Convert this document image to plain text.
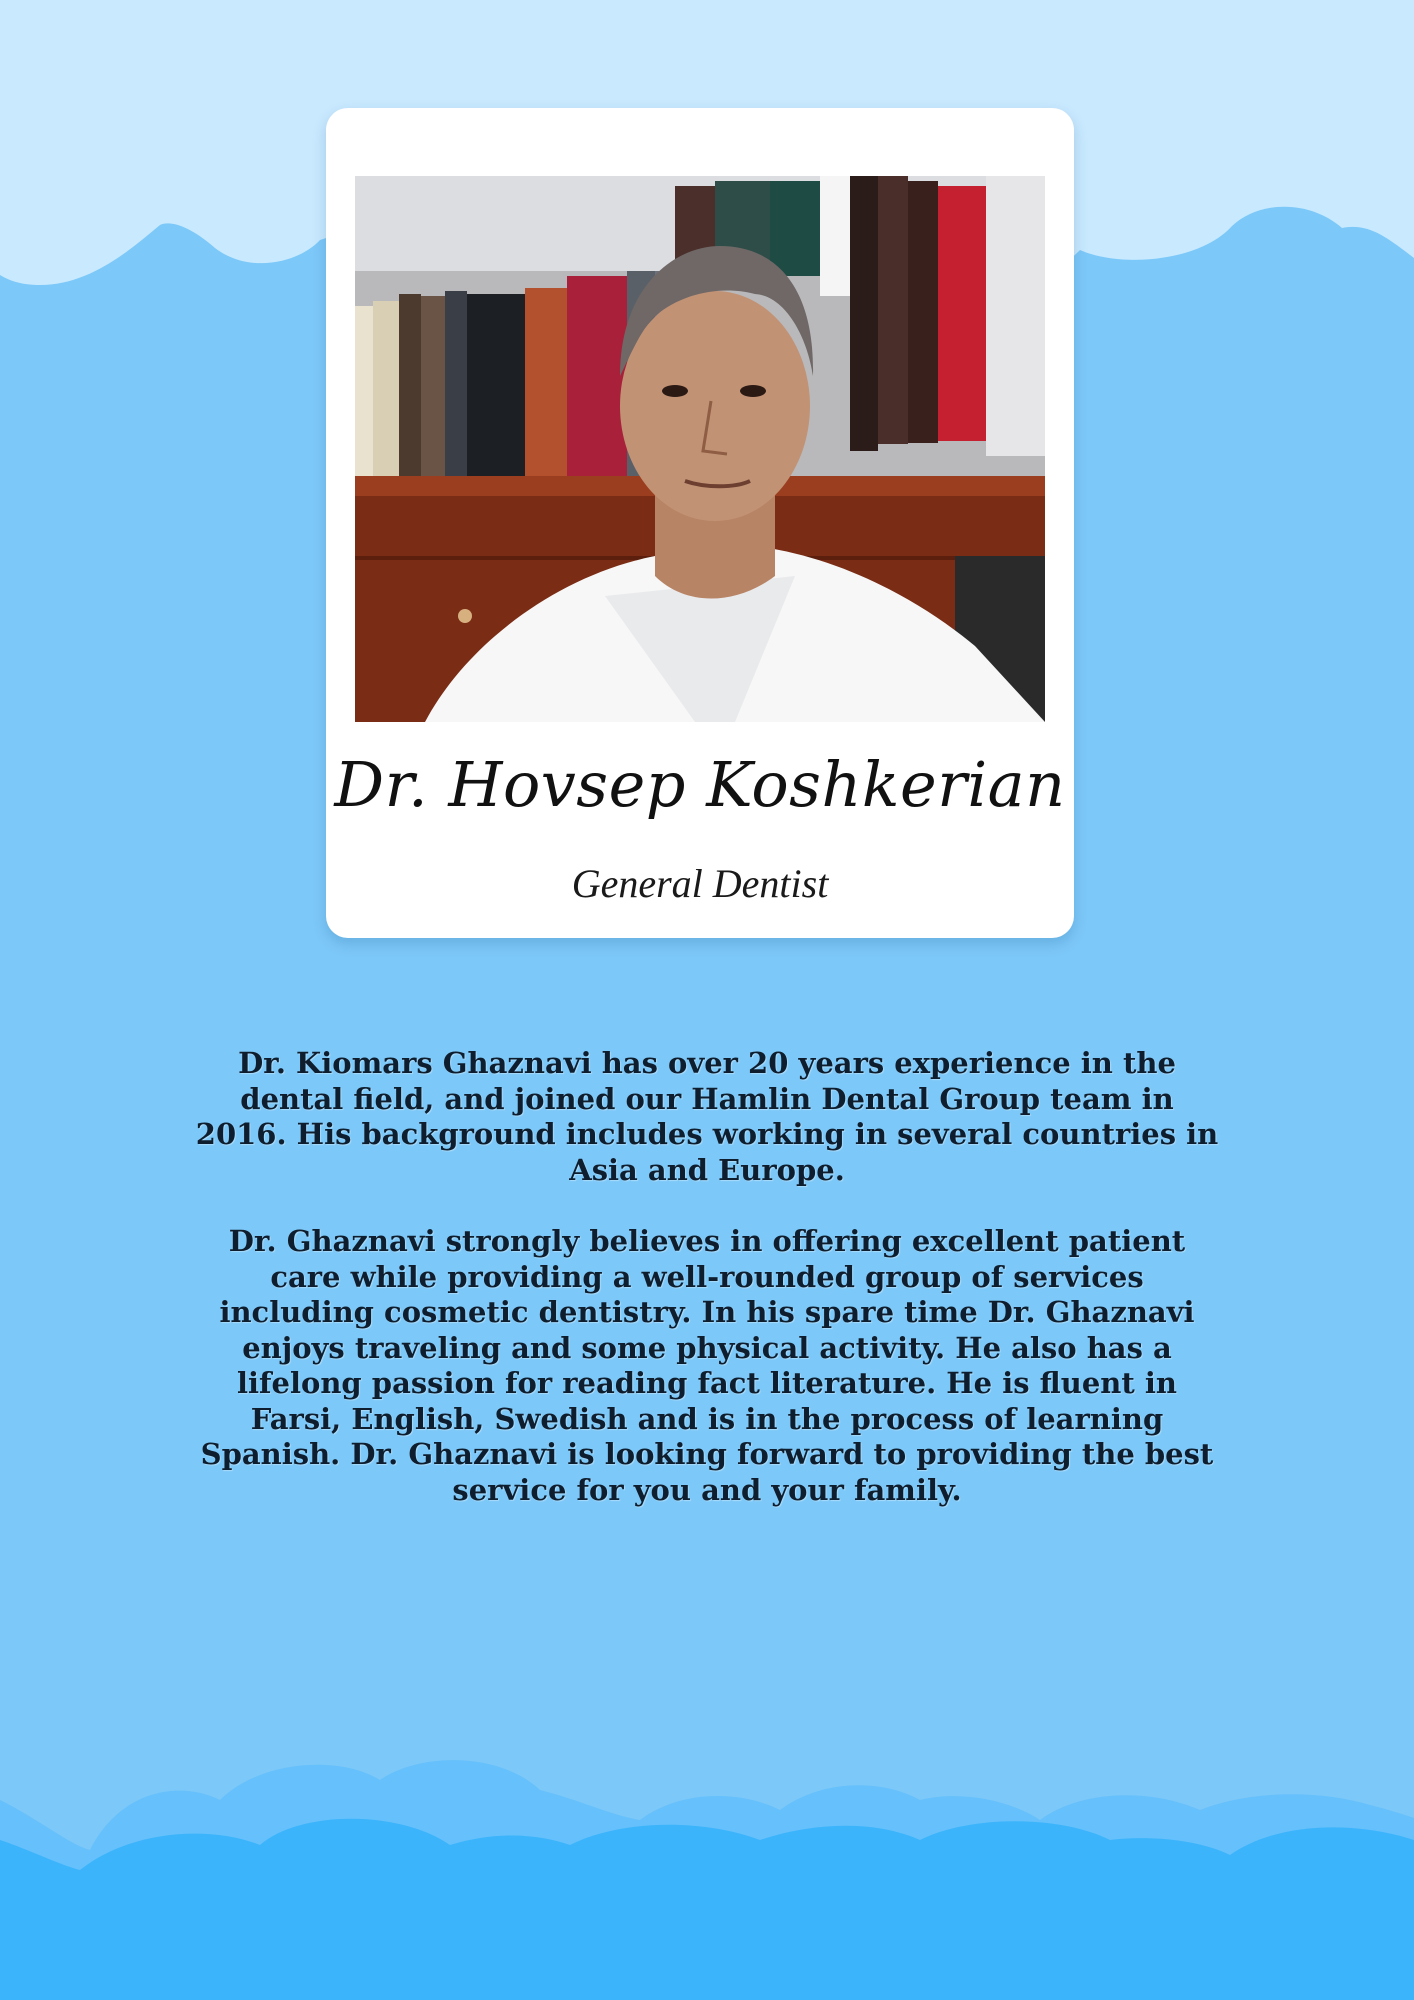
Dr. Hovsep Koshkerian
General Dentist

Dr. Kiomars Ghaznavi has over 20 years experience in the dental field, and joined our Hamlin Dental Group team in 2016. His background includes working in several countries in Asia and Europe.

Dr. Ghaznavi strongly believes in offering excellent patient care while providing a well-rounded group of services including cosmetic dentistry. In his spare time Dr. Ghaznavi enjoys traveling and some physical activity. He also has a lifelong passion for reading fact literature. He is fluent in Farsi, English, Swedish and is in the process of learning Spanish. Dr. Ghaznavi is looking forward to providing the best service for you and your family.
